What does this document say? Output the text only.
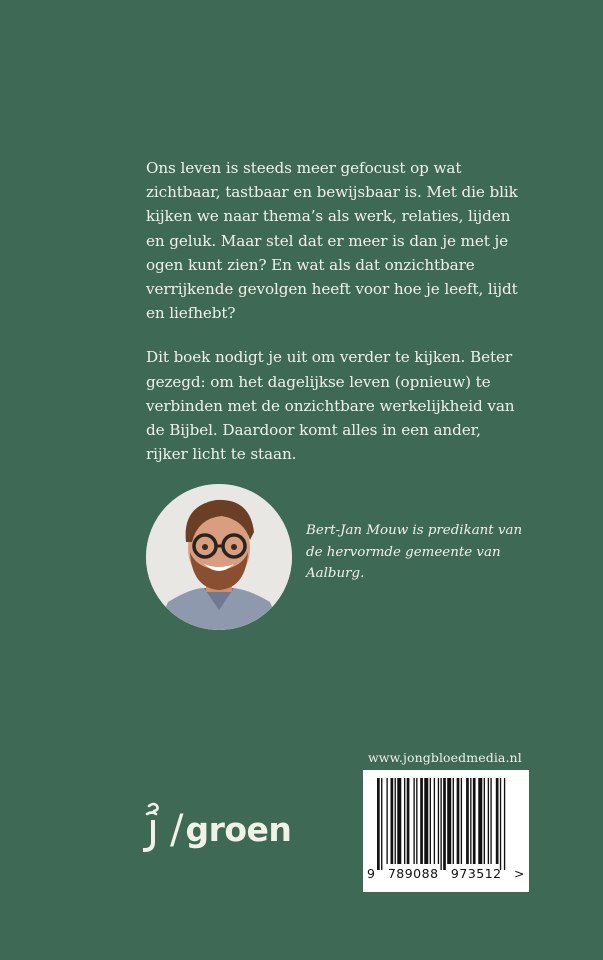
Ons leven is steeds meer gefocust op wat zichtbaar, tastbaar en bewijsbaar is. Met die blik kijken we naar thema’s als werk, relaties, lijden en geluk. Maar stel dat er meer is dan je met je ogen kunt zien? En wat als dat onzichtbare verrijkende gevolgen heeft voor hoe je leeft, lijdt en liefhebt?

Dit boek nodigt je uit om verder te kijken. Beter gezegd: om het dagelijkse leven (opnieuw) te verbinden met de onzichtbare werkelijkheid van de Bijbel. Daardoor komt alles in een ander, rijker licht te staan.

Bert-Jan Mouw is predikant van de hervormde gemeente van Aalburg.
/ groen
www.jongbloedmedia.nl
9 789088 973512 >
